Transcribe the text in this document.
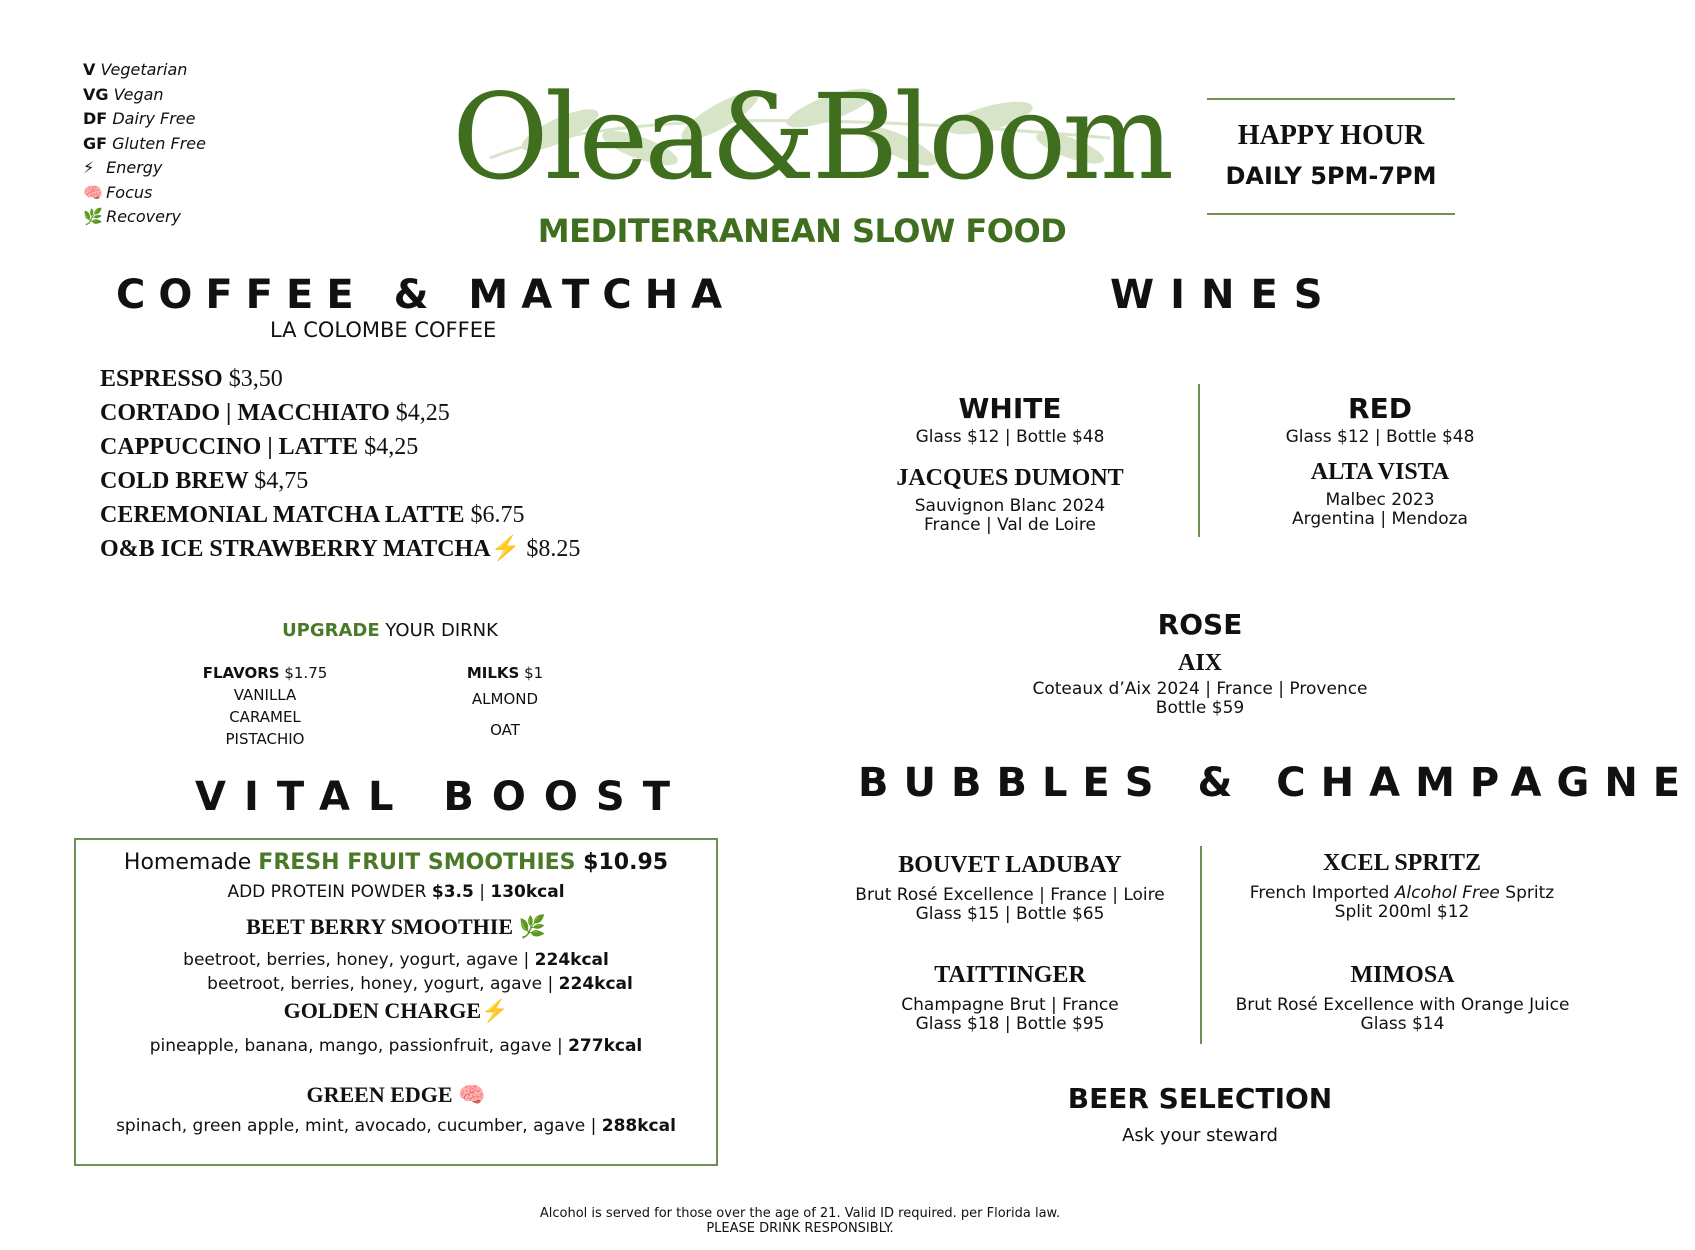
V Vegetarian
VG Vegan
DF Dairy Free
GF Gluten Free
⚡ Energy
🧠 Focus
🌿 Recovery
Olea&Bloom
MEDITERRANEAN SLOW FOOD
HAPPY HOUR
DAILY 5PM-7PM
COFFEE & MATCHA
LA COLOMBE COFFEE
ESPRESSO $3,50
CORTADO | MACCHIATO $4,25
CAPPUCCINO | LATTE $4,25
COLD BREW $4,75
CEREMONIAL MATCHA LATTE $6.75
O&B ICE STRAWBERRY MATCHA⚡ $8.25
UPGRADE YOUR DIRNK
FLAVORS $1.75
VANILLA
CARAMEL
PISTACHIO
MILKS $1
ALMOND
OAT
VITAL BOOST
Homemade FRESH FRUIT SMOOTHIES $10.95
ADD PROTEIN POWDER $3.5 | 130kcal
BEET BERRY SMOOTHIE 🌿
beetroot, berries, honey, yogurt, agave | 224kcal
beetroot, berries, honey, yogurt, agave | 224kcal
GOLDEN CHARGE⚡
pineapple, banana, mango, passionfruit, agave | 277kcal
GREEN EDGE 🧠
spinach, green apple, mint, avocado, cucumber, agave | 288kcal
WINES
WHITE
Glass $12 | Bottle $48
JACQUES DUMONT
Sauvignon Blanc 2024
France | Val de Loire
RED
Glass $12 | Bottle $48
ALTA VISTA
Malbec 2023
Argentina | Mendoza
ROSE
AIX
Coteaux d’Aix 2024 | France | Provence
Bottle $59
BUBBLES & CHAMPAGNE
BOUVET LADUBAY
Brut Rosé Excellence | France | Loire
Glass $15 | Bottle $65
XCEL SPRITZ
French Imported Alcohol Free Spritz
Split 200ml $12
TAITTINGER
Champagne Brut | France
Glass $18 | Bottle $95
MIMOSA
Brut Rosé Excellence with Orange Juice
Glass $14
BEER SELECTION
Ask your steward
Alcohol is served for those over the age of 21. Valid ID required. per Florida law.
PLEASE DRINK RESPONSIBLY.
